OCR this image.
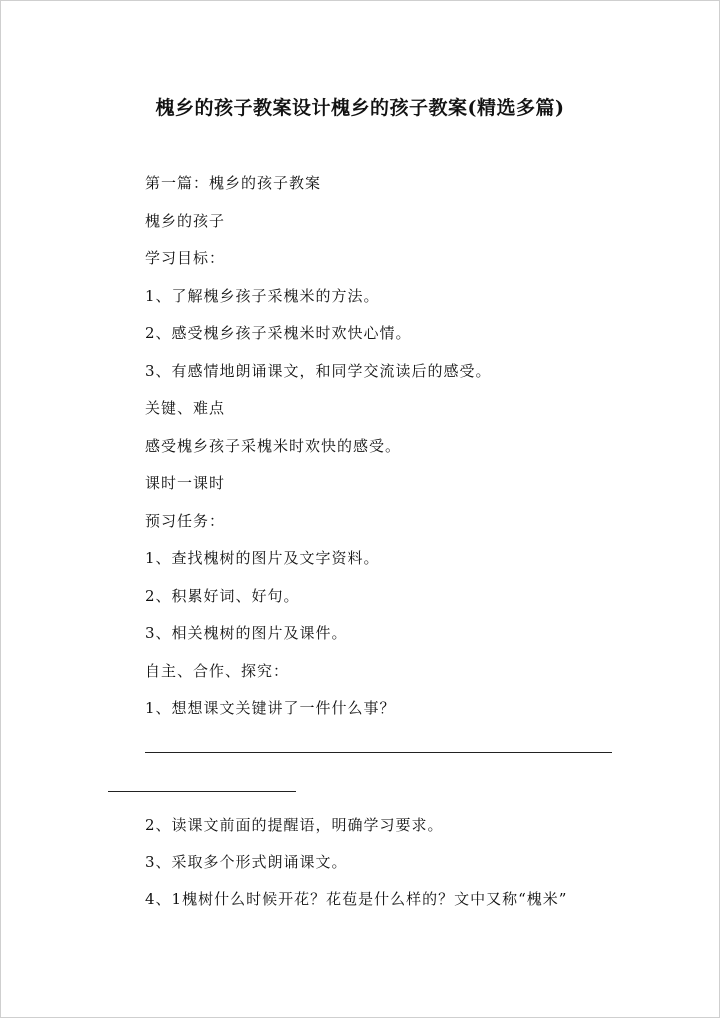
槐乡的孩子教案设计槐乡的孩子教案(精选多篇)

第一篇：槐乡的孩子教案

槐乡的孩子

学习目标：

1、了解槐乡孩子采槐米的方法。

2、感受槐乡孩子采槐米时欢快心情。

3、有感情地朗诵课文，和同学交流读后的感受。

关键、难点

感受槐乡孩子采槐米时欢快的感受。

课时一课时

预习任务：

1、查找槐树的图片及文字资料。

2、积累好词、好句。

3、相关槐树的图片及课件。

自主、合作、探究：

1、想想课文关键讲了一件什么事？

2、读课文前面的提醒语，明确学习要求。

3、采取多个形式朗诵课文。

4、1槐树什么时候开花？花苞是什么样的？文中又称“槐米”
